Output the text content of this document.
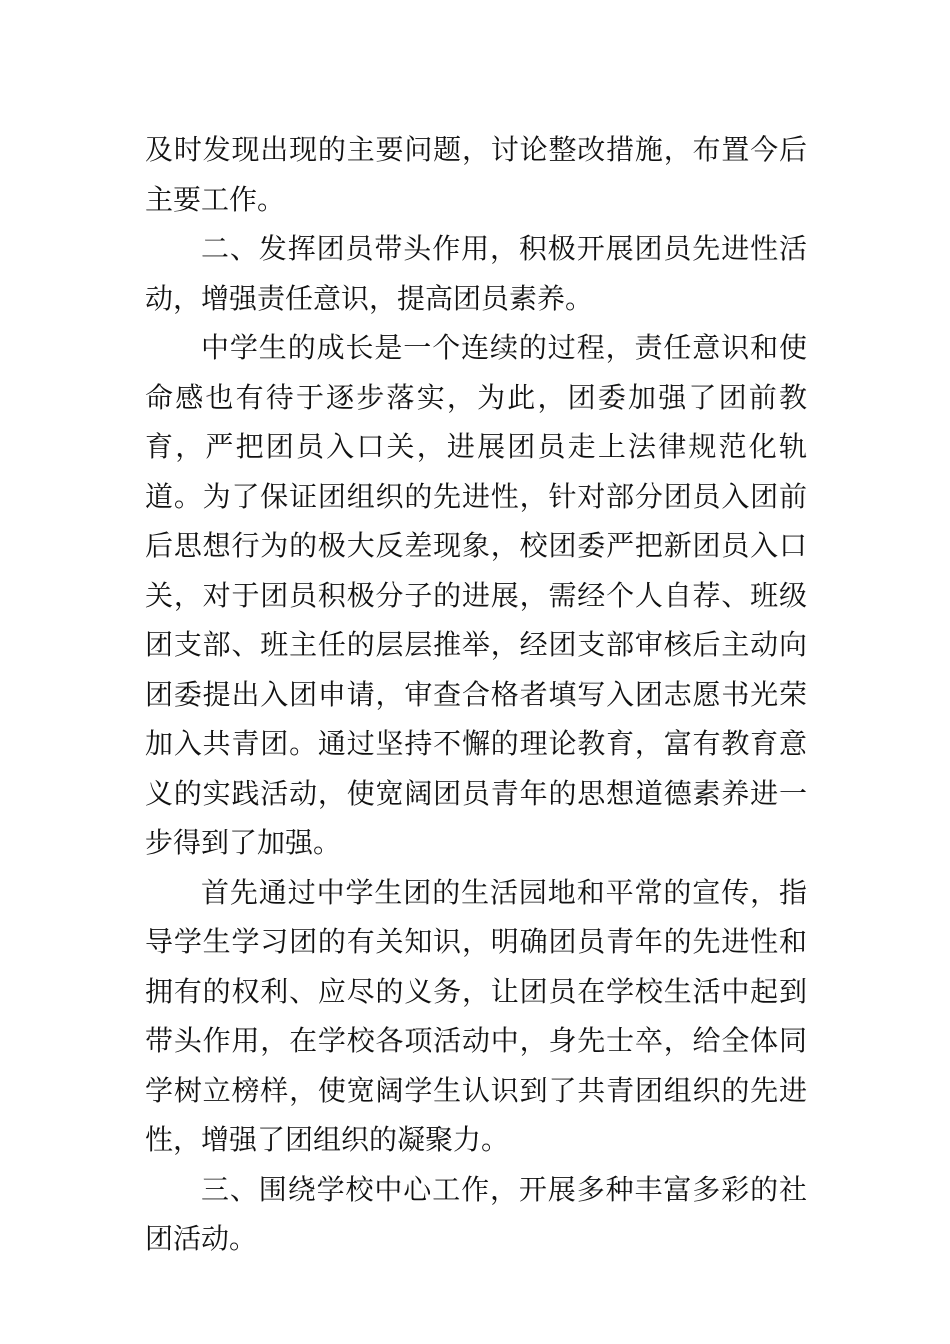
及时发现出现的主要问题，讨论整改措施，布置今后主要工作。

二、发挥团员带头作用，积极开展团员先进性活动，增强责任意识，提高团员素养。

中学生的成长是一个连续的过程，责任意识和使命感也有待于逐步落实，为此，团委加强了团前教育，严把团员入口关，进展团员走上法律规范化轨道。为了保证团组织的先进性，针对部分团员入团前后思想行为的极大反差现象，校团委严把新团员入口关，对于团员积极分子的进展，需经个人自荐、班级团支部、班主任的层层推举，经团支部审核后主动向团委提出入团申请，审查合格者填写入团志愿书光荣加入共青团。通过坚持不懈的理论教育，富有教育意义的实践活动，使宽阔团员青年的思想道德素养进一步得到了加强。

首先通过中学生团的生活园地和平常的宣传，指导学生学习团的有关知识，明确团员青年的先进性和拥有的权利、应尽的义务，让团员在学校生活中起到带头作用，在学校各项活动中，身先士卒，给全体同学树立榜样，使宽阔学生认识到了共青团组织的先进性，增强了团组织的凝聚力。

三、围绕学校中心工作，开展多种丰富多彩的社团活动。
